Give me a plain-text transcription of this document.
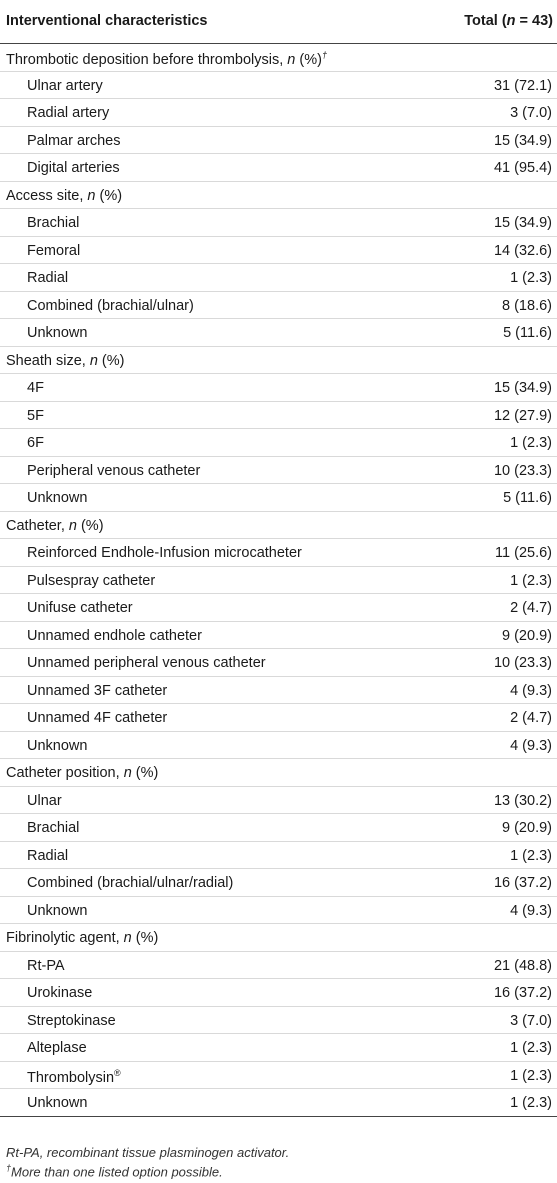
Interventional characteristics	Total (n = 43)
Thrombotic deposition before thrombolysis, n (%)†
Ulnar artery	31 (72.1)
Radial artery	3 (7.0)
Palmar arches	15 (34.9)
Digital arteries	41 (95.4)
Access site, n (%)
Brachial	15 (34.9)
Femoral	14 (32.6)
Radial	1 (2.3)
Combined (brachial/ulnar)	8 (18.6)
Unknown	5 (11.6)
Sheath size, n (%)
4F	15 (34.9)
5F	12 (27.9)
6F	1 (2.3)
Peripheral venous catheter	10 (23.3)
Unknown	5 (11.6)
Catheter, n (%)
Reinforced Endhole-Infusion microcatheter	11 (25.6)
Pulsespray catheter	1 (2.3)
Unifuse catheter	2 (4.7)
Unnamed endhole catheter	9 (20.9)
Unnamed peripheral venous catheter	10 (23.3)
Unnamed 3F catheter	4 (9.3)
Unnamed 4F catheter	2 (4.7)
Unknown	4 (9.3)
Catheter position, n (%)
Ulnar	13 (30.2)
Brachial	9 (20.9)
Radial	1 (2.3)
Combined (brachial/ulnar/radial)	16 (37.2)
Unknown	4 (9.3)
Fibrinolytic agent, n (%)
Rt-PA	21 (48.8)
Urokinase	16 (37.2)
Streptokinase	3 (7.0)
Alteplase	1 (2.3)
Thrombolysin®	1 (2.3)
Unknown	1 (2.3)
Rt-PA, recombinant tissue plasminogen activator.
†More than one listed option possible.
